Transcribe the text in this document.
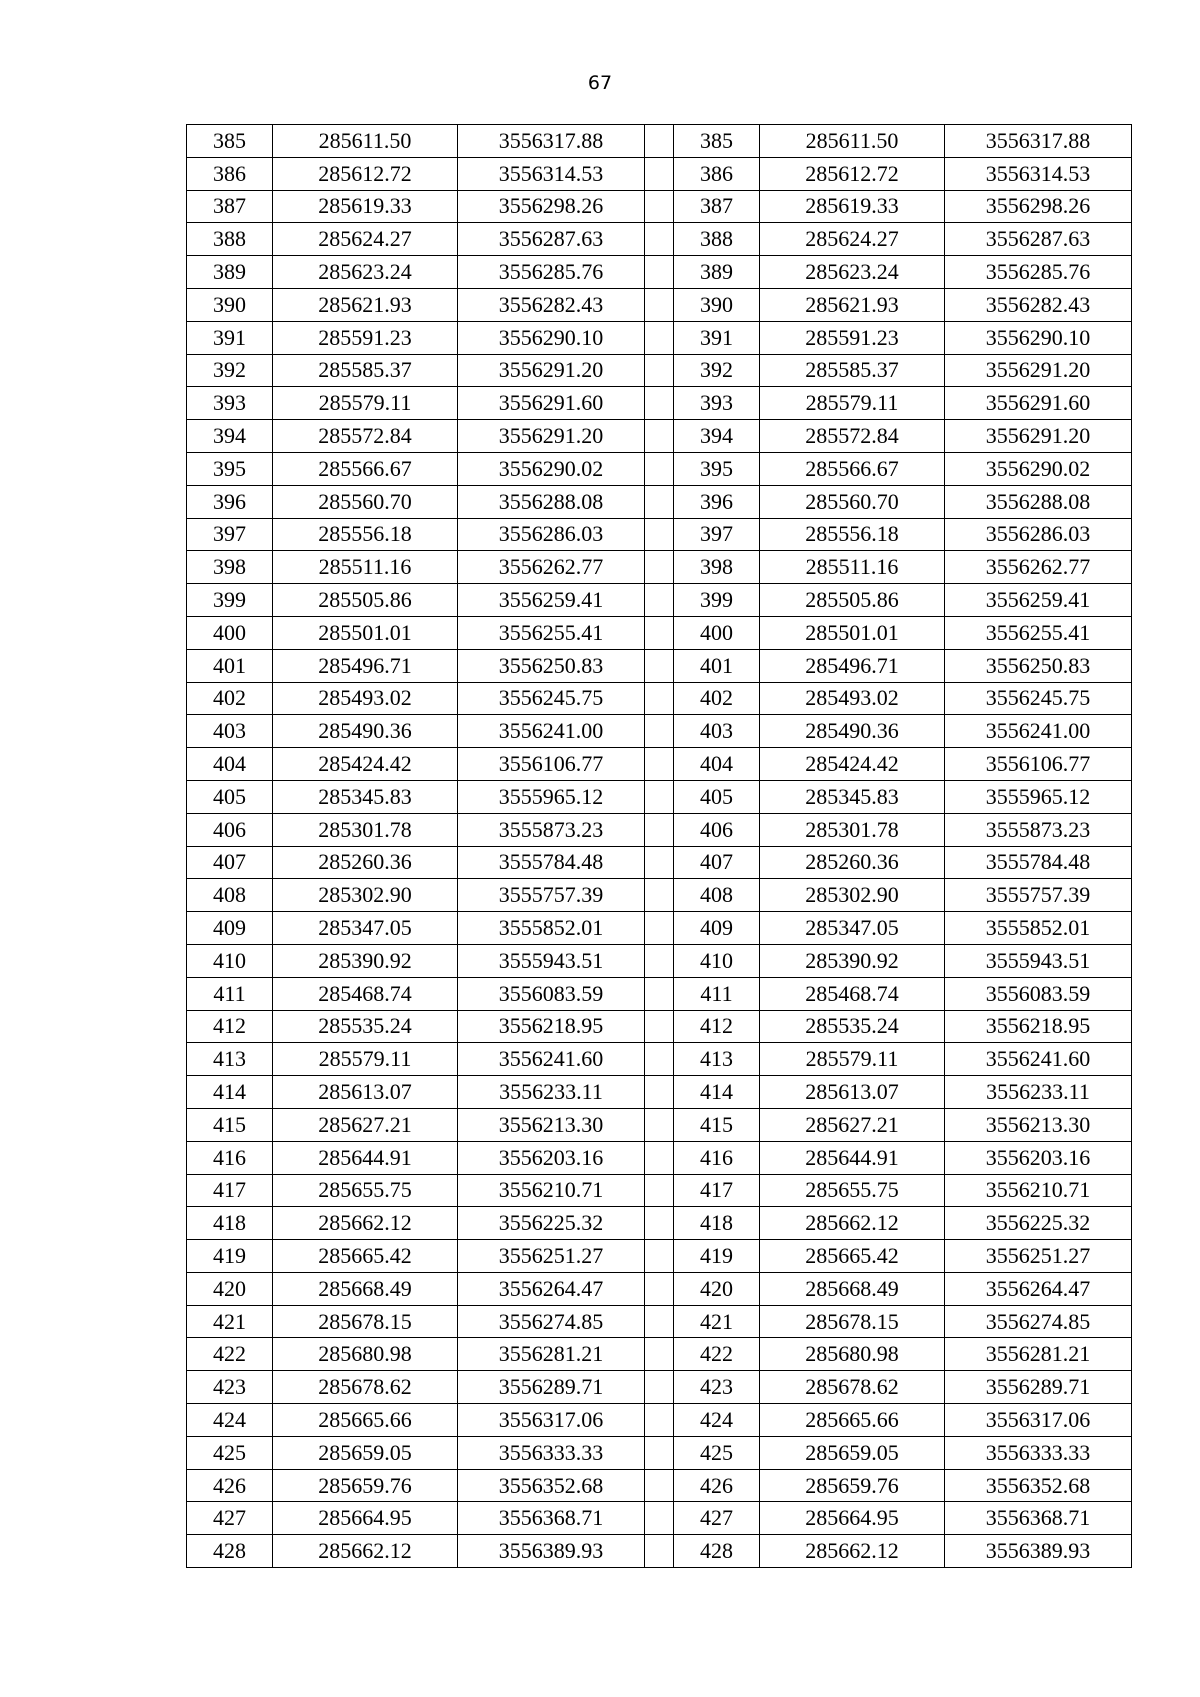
67
385	285611.50	3556317.88		385	285611.50	3556317.88
386	285612.72	3556314.53		386	285612.72	3556314.53
387	285619.33	3556298.26		387	285619.33	3556298.26
388	285624.27	3556287.63		388	285624.27	3556287.63
389	285623.24	3556285.76		389	285623.24	3556285.76
390	285621.93	3556282.43		390	285621.93	3556282.43
391	285591.23	3556290.10		391	285591.23	3556290.10
392	285585.37	3556291.20		392	285585.37	3556291.20
393	285579.11	3556291.60		393	285579.11	3556291.60
394	285572.84	3556291.20		394	285572.84	3556291.20
395	285566.67	3556290.02		395	285566.67	3556290.02
396	285560.70	3556288.08		396	285560.70	3556288.08
397	285556.18	3556286.03		397	285556.18	3556286.03
398	285511.16	3556262.77		398	285511.16	3556262.77
399	285505.86	3556259.41		399	285505.86	3556259.41
400	285501.01	3556255.41		400	285501.01	3556255.41
401	285496.71	3556250.83		401	285496.71	3556250.83
402	285493.02	3556245.75		402	285493.02	3556245.75
403	285490.36	3556241.00		403	285490.36	3556241.00
404	285424.42	3556106.77		404	285424.42	3556106.77
405	285345.83	3555965.12		405	285345.83	3555965.12
406	285301.78	3555873.23		406	285301.78	3555873.23
407	285260.36	3555784.48		407	285260.36	3555784.48
408	285302.90	3555757.39		408	285302.90	3555757.39
409	285347.05	3555852.01		409	285347.05	3555852.01
410	285390.92	3555943.51		410	285390.92	3555943.51
411	285468.74	3556083.59		411	285468.74	3556083.59
412	285535.24	3556218.95		412	285535.24	3556218.95
413	285579.11	3556241.60		413	285579.11	3556241.60
414	285613.07	3556233.11		414	285613.07	3556233.11
415	285627.21	3556213.30		415	285627.21	3556213.30
416	285644.91	3556203.16		416	285644.91	3556203.16
417	285655.75	3556210.71		417	285655.75	3556210.71
418	285662.12	3556225.32		418	285662.12	3556225.32
419	285665.42	3556251.27		419	285665.42	3556251.27
420	285668.49	3556264.47		420	285668.49	3556264.47
421	285678.15	3556274.85		421	285678.15	3556274.85
422	285680.98	3556281.21		422	285680.98	3556281.21
423	285678.62	3556289.71		423	285678.62	3556289.71
424	285665.66	3556317.06		424	285665.66	3556317.06
425	285659.05	3556333.33		425	285659.05	3556333.33
426	285659.76	3556352.68		426	285659.76	3556352.68
427	285664.95	3556368.71		427	285664.95	3556368.71
428	285662.12	3556389.93		428	285662.12	3556389.93
